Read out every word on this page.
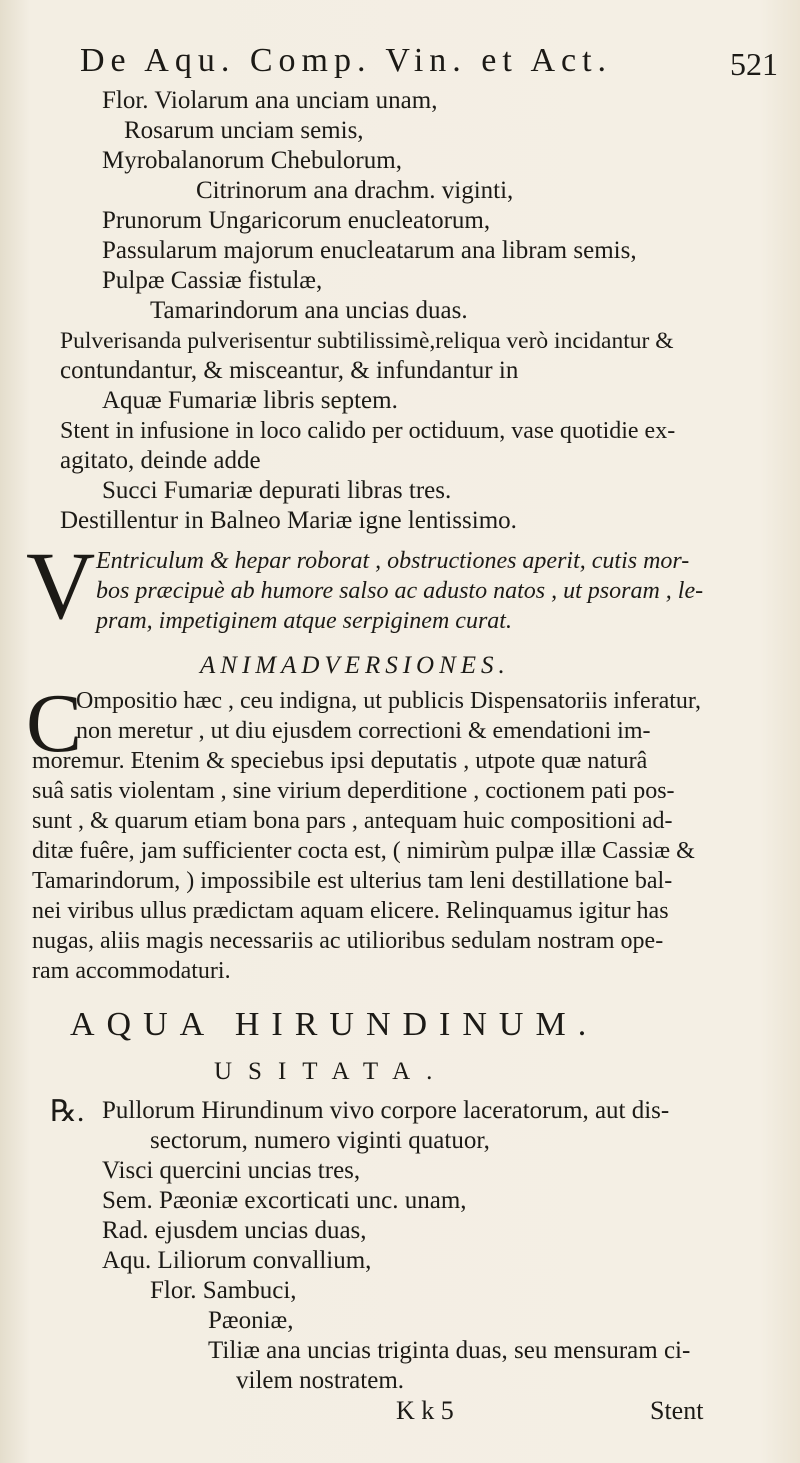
De Aqu. Comp. Vin. et Act.	521
Flor. Violarum ana unciam unam,
Rosarum unciam semis,
Myrobalanorum Chebulorum,
Citrinorum ana drachm. viginti,
Prunorum Ungaricorum enucleatorum,
Passularum majorum enucleatarum ana libram semis,
Pulpæ Cassiæ fistulæ,
Tamarindorum ana uncias duas.
Pulverisanda pulverisentur subtilissimè,reliqua verò incidantur &
contundantur, & misceantur, & infundantur in
Aquæ Fumariæ libris septem.
Stent in infusione in loco calido per octiduum, vase quotidie ex-
agitato, deinde adde
Succi Fumariæ depurati libras tres.
Destillentur in Balneo Mariæ igne lentissimo.
V Entriculum & hepar roborat , obstructiones aperit, cutis mor-
bos præcipuè ab humore salso ac adusto natos , ut psoram , le-
pram, impetiginem atque serpiginem curat.
ANIMADVERSIONES.
C
Ompositio hæc , ceu indigna, ut publicis Dispensatoriis inferatur,
non meretur , ut diu ejusdem correctioni & emendationi im-
moremur. Etenim & speciebus ipsi deputatis , utpote quæ naturâ
suâ satis violentam , sine virium deperditione , coctionem pati pos-
sunt , & quarum etiam bona pars , antequam huic compositioni ad-
ditæ fuêre, jam sufficienter cocta est, ( nimirùm pulpæ illæ Cassiæ &
Tamarindorum, ) impossibile est ulterius tam leni destillatione bal-
nei viribus ullus prædictam aquam elicere. Relinquamus igitur has
nugas, aliis magis necessariis ac utilioribus sedulam nostram ope-
ram accommodaturi.
AQUA HIRUNDINUM.
USITATA.
℞. Pullorum Hirundinum vivo corpore laceratorum, aut dis-
sectorum, numero viginti quatuor,
Visci quercini uncias tres,
Sem. Pæoniæ excorticati unc. unam,
Rad. ejusdem uncias duas,
Aqu. Liliorum convallium,
Flor. Sambuci,
Pæoniæ,
Tiliæ ana uncias triginta duas, seu mensuram ci-
vilem nostratem.
K k 5	Stent
